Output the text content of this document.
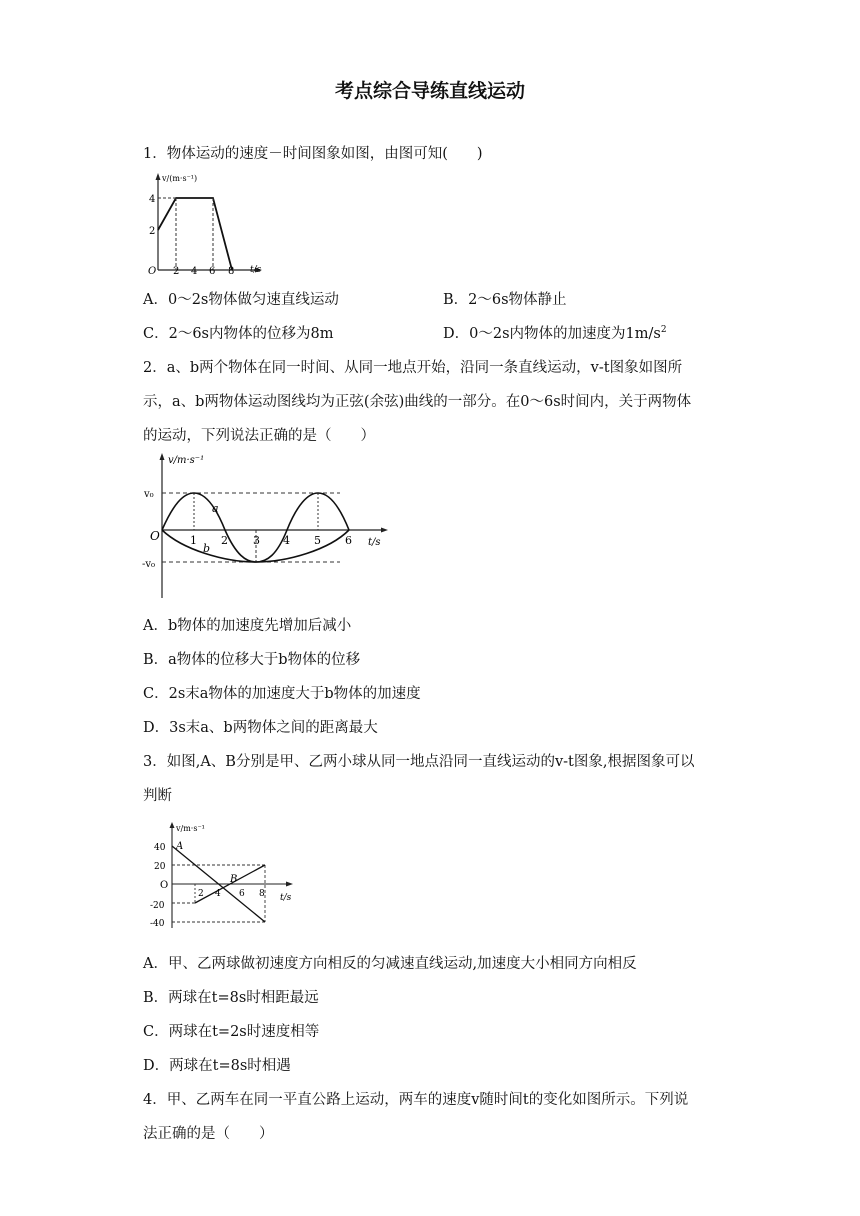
考点综合导练直线运动
1．物体运动的速度－时间图象如图，由图可知(　　)
v/(m·s⁻¹)
t/s
O
2
4
2 4 6 8
A．0～2s物体做匀速直线运动	B．2～6s物体静止
C．2～6s内物体的位移为8m	D．0～2s内物体的加速度为$1m/s^2$
2．a、b两个物体在同一时间、从同一地点开始，沿同一条直线运动，v-t图象如图所
示，a、b两物体运动图线均为正弦(余弦)曲线的一部分。在0～6s时间内，关于两物体
的运动，下列说法正确的是（　　）
v/m·s⁻¹
t/s
O
v₀
-v₀
1 2 3 4 5 6
a
b
A．b物体的加速度先增加后减小
B．a物体的位移大于b物体的位移
C．2s末a物体的加速度大于b物体的加速度
D．3s末a、b两物体之间的距离最大
3．如图,A、B分别是甲、乙两小球从同一地点沿同一直线运动的v-t图象,根据图象可以
判断
v/m·s⁻¹
t/s
O
40
20
-20
-40
A
B
2 4 6 8
A．甲、乙两球做初速度方向相反的匀减速直线运动,加速度大小相同方向相反
B．两球在t=8s时相距最远
C．两球在t=2s时速度相等
D．两球在t=8s时相遇
4．甲、乙两车在同一平直公路上运动，两车的速度v随时间t的变化如图所示。下列说
法正确的是（　　）
